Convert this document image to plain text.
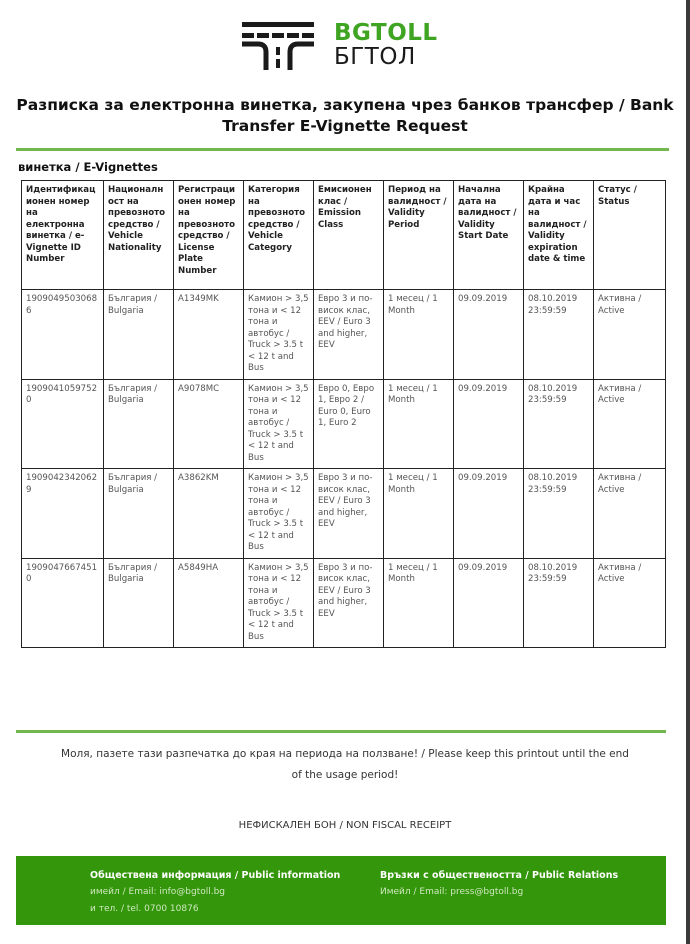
BGTOLL
БГТОЛ
Разписка за електронна винетка, закупена чрез банков трансфер / Bank Transfer E-Vignette Request
винетка / E-Vignettes
Идентификационен номер на електронна винетка / e-Vignette ID Number	Националност на превозното средство / Vehicle Nationality	Регистрационен номер на превозното средство / License Plate Number	Категория на превозното средство / Vehicle Category	Емисионен клас / Emission Class	Период на валидност / Validity Period	Начална дата на валидност / Validity Start Date	Крайна дата и час на валидност / Validity expiration date & time	Статус / Status
19090495030686	България / Bulgaria	A1349MK	Камион > 3,5 тона и < 12 тона и автобус / Truck > 3.5 t < 12 t and Bus	Евро 3 и по-висок клас, EEV / Euro 3 and higher, EEV	1 месец / 1 Month	09.09.2019	08.10.2019 23:59:59	Активна / Active
19090410597520	България / Bulgaria	A9078MC	Камион > 3,5 тона и < 12 тона и автобус / Truck > 3.5 t < 12 t and Bus	Евро 0, Евро 1, Евро 2 / Euro 0, Euro 1, Euro 2	1 месец / 1 Month	09.09.2019	08.10.2019 23:59:59	Активна / Active
19090423420629	България / Bulgaria	A3862KM	Камион > 3,5 тона и < 12 тона и автобус / Truck > 3.5 t < 12 t and Bus	Евро 3 и по-висок клас, EEV / Euro 3 and higher, EEV	1 месец / 1 Month	09.09.2019	08.10.2019 23:59:59	Активна / Active
19090476674510	България / Bulgaria	A5849HA	Камион > 3,5 тона и < 12 тона и автобус / Truck > 3.5 t < 12 t and Bus	Евро 3 и по-висок клас, EEV / Euro 3 and higher, EEV	1 месец / 1 Month	09.09.2019	08.10.2019 23:59:59	Активна / Active
Моля, пазете тази разпечатка до края на периода на ползване! / Please keep this printout until the end of the usage period!
НЕФИСКАЛЕН БОН / NON FISCAL RECEIPT
Обществена информация / Public information
имейл / Email: info@bgtoll.bg
и тел. / tel. 0700 10876
Връзки с обществеността / Public Relations
Имейл / Email: press@bgtoll.bg
